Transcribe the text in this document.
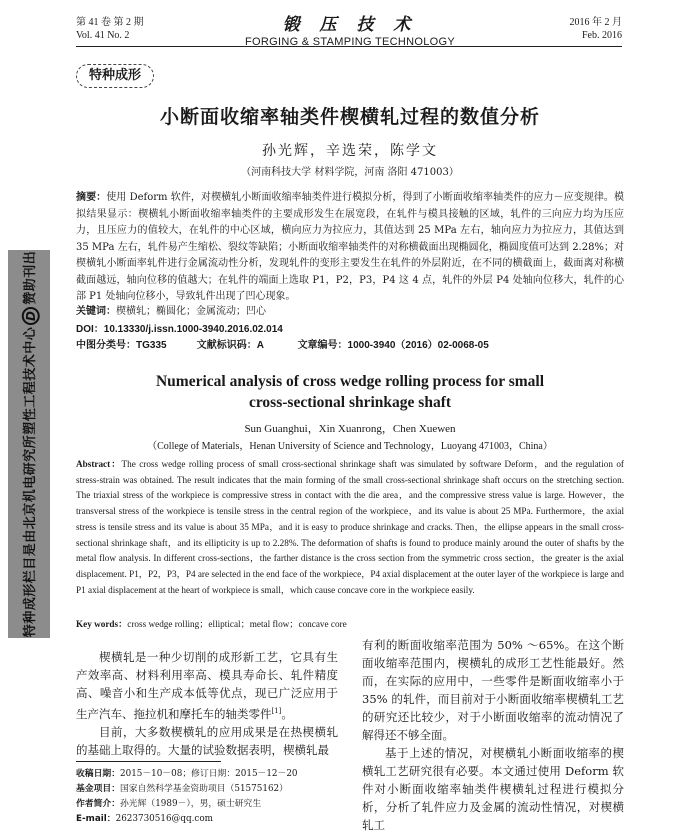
第 41 卷 第 2 期
Vol. 41 No. 2
锻 压 技 术
FORGING & STAMPING TECHNOLOGY
2016 年 2 月
Feb. 2016
特种成形
小断面收缩率轴类件楔横轧过程的数值分析
孙光辉，辛选荣，陈学文
（河南科技大学 材料学院，河南 洛阳 471003）
摘要：使用 Deform 软件，对楔横轧小断面收缩率轴类件进行模拟分析，得到了小断面收缩率轴类件的应力－应变规律。模拟结果显示：楔横轧小断面收缩率轴类件的主要成形发生在展宽段，在轧件与模具接触的区域，轧件的三向应力均为压应力，且压应力的值较大，在轧件的中心区域，横向应力为拉应力，其值达到 25 MPa 左右，轴向应力为拉应力，其值达到 35 MPa 左右，轧件易产生缩松、裂纹等缺陷；小断面收缩率轴类件的对称横截面出现椭圆化，椭圆度值可达到 2.28%；对楔横轧小断面率轧件进行金属流动性分析，发现轧件的变形主要发生在轧件的外层附近，在不同的横截面上，截面离对称横截面越远，轴向位移的值越大；在轧件的端面上选取 P1，P2，P3，P4 这 4 点，轧件的外层 P4 处轴向位移大，轧件的心部 P1 处轴向位移小，导致轧件出现了凹心现象。
关键词：楔横轧；椭圆化；金属流动；凹心
DOI：10.13330/j.issn.1000-3940.2016.02.014
中图分类号：TG335	文献标识码：A	文章编号：1000-3940（2016）02-0068-05
Numerical analysis of cross wedge rolling process for small
cross-sectional shrinkage shaft
Sun Guanghui，Xin Xuanrong，Chen Xuewen
（College of Materials，Henan University of Science and Technology，Luoyang 471003，China）
Abstract：The cross wedge rolling process of small cross-sectional shrinkage shaft was simulated by software Deform，and the regulation of stress-strain was obtained. The result indicates that the main forming of the small cross-sectional shrinkage shaft occurs on the stretching section. The triaxial stress of the workpiece is compressive stress in contact with the die area，and the compressive stress value is large. However，the transversal stress of the workpiece is tensile stress in the central region of the workpiece，and its value is about 25 MPa. Furthermore，the axial stress is tensile stress and its value is about 35 MPa，and it is easy to produce shrinkage and cracks. Then，the ellipse appears in the small cross-sectional shrinkage shaft，and its ellipticity is up to 2.28%. The deformation of shafts is found to produce mainly around the outer of shafts by the metal flow analysis. In different cross-sections，the farther distance is the cross section from the symmetric cross section，the greater is the axial displacement. P1，P2，P3，P4 are selected in the end face of the workpiece，P4 axial displacement at the outer layer of the workpiece is large and P1 axial displacement at the heart of workpiece is small，which cause concave core in the workpiece easily.
Key words：cross wedge rolling；elliptical；metal flow；concave core

楔横轧是一种少切削的成形新工艺，它具有生产效率高、材料利用率高、模具寿命长、轧件精度高、噪音小和生产成本低等优点，现已广泛应用于生产汽车、拖拉机和摩托车的轴类零件[1]。

目前，大多数楔横轧的应用成果是在热楔横轧的基础上取得的。大量的试验数据表明，楔横轧最

有利的断面收缩率范围为 50% ～65%。在这个断面收缩率范围内，楔横轧的成形工艺性能最好。然而，在实际的应用中，一些零件是断面收缩率小于 35% 的轧件，而目前对于小断面收缩率楔横轧工艺的研究还比较少，对于小断面收缩率的流动情况了解得还不够全面。

基于上述的情况，对楔横轧小断面收缩率的楔横轧工艺研究很有必要。本文通过使用 Deform 软件对小断面收缩率轴类件楔横轧过程进行模拟分析，分析了轧件应力及金属的流动性情况，对楔横轧工

收稿日期：2015－10－08；修订日期：2015－12－20
基金项目：国家自然科学基金资助项目（51575162）
作者简介：孙光辉（1989－），男，硕士研究生
E-mail：2623730516@qq.com
特种成形栏目是由北京机电研究所塑性工程技术中心D赞助刊出
